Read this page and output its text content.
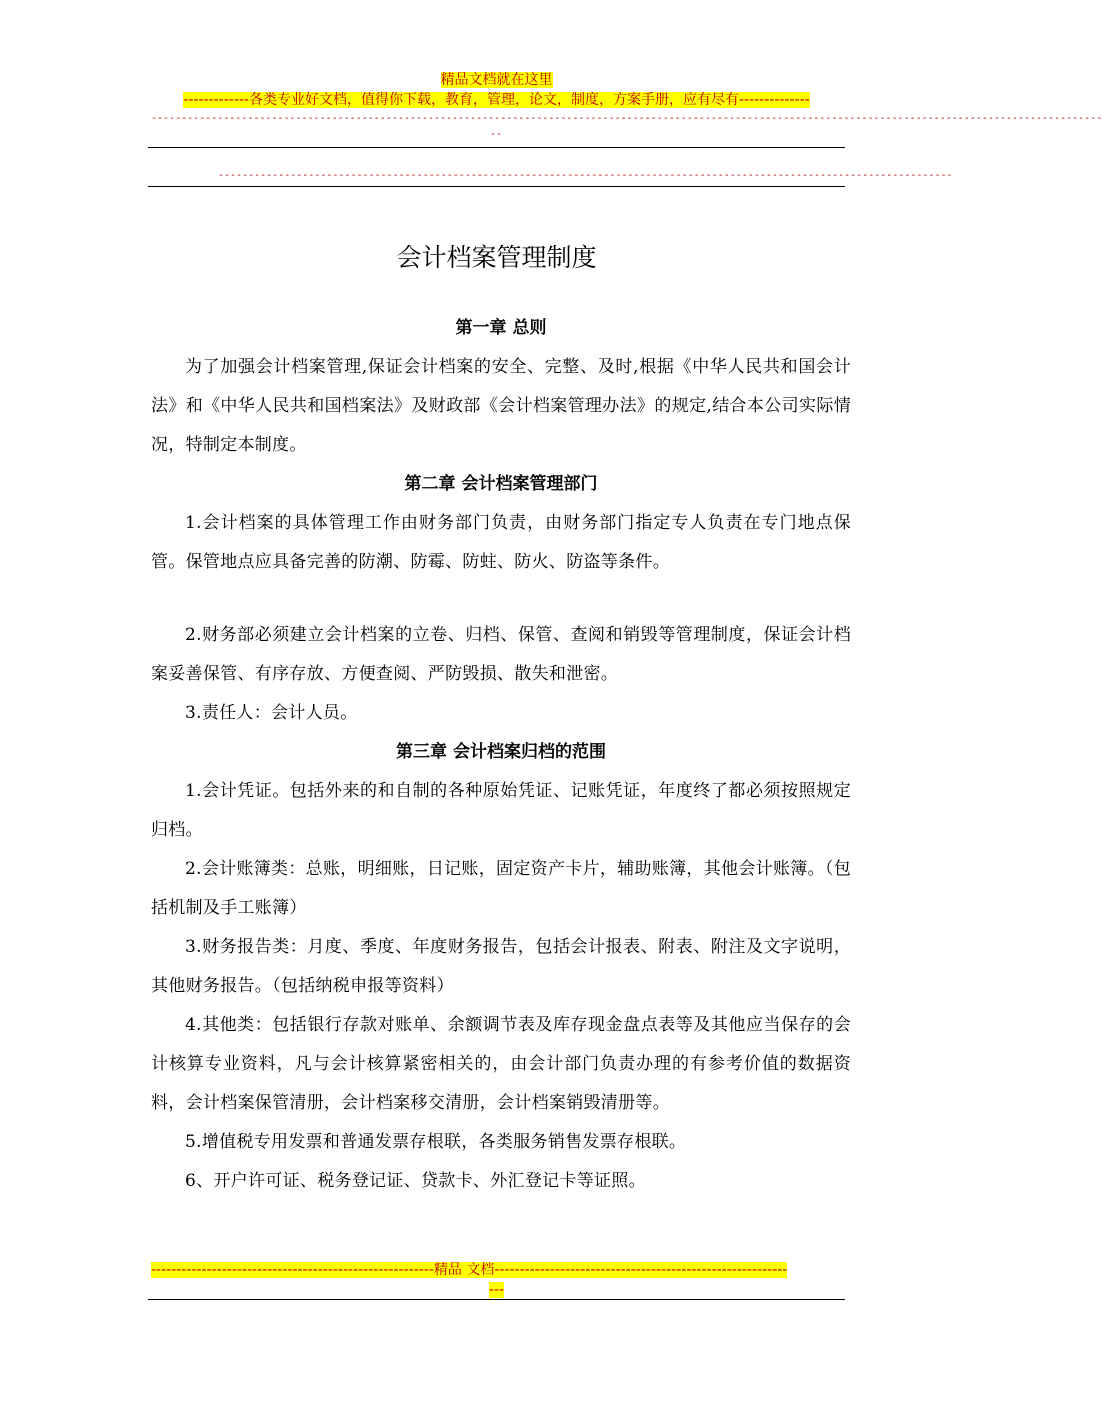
精品文档就在这里
-------------各类专业好文档，值得你下载，教育，管理，论文，制度，方案手册，应有尽有--------------
--------------------------------------------------------------------------------------------------------------------------------------------------------------
--
--------------------------------------------------------------------------------------------------------------------------
会计档案管理制度
第一章 总则

为了加强会计档案管理,保证会计档案的安全、完整、及时,根据《中华人民共和国会计法》和《中华人民共和国档案法》及财政部《会计档案管理办法》的规定,结合本公司实际情况，特制定本制度。

第二章 会计档案管理部门

1.会计档案的具体管理工作由财务部门负责，由财务部门指定专人负责在专门地点保管。保管地点应具备完善的防潮、防霉、防蛀、防火、防盗等条件。

2.财务部必须建立会计档案的立卷、归档、保管、查阅和销毁等管理制度，保证会计档案妥善保管、有序存放、方便查阅、严防毁损、散失和泄密。

3.责任人：会计人员。

第三章 会计档案归档的范围

1.会计凭证。包括外来的和自制的各种原始凭证、记账凭证，年度终了都必须按照规定归档。

2.会计账簿类：总账，明细账，日记账，固定资产卡片，辅助账簿，其他会计账簿。（包括机制及手工账簿）

3.财务报告类：月度、季度、年度财务报告，包括会计报表、附表、附注及文字说明，其他财务报告。（包括纳税申报等资料）

4.其他类：包括银行存款对账单、余额调节表及库存现金盘点表等及其他应当保存的会计核算专业资料，凡与会计核算紧密相关的，由会计部门负责办理的有参考价值的数据资料，会计档案保管清册，会计档案移交清册，会计档案销毁清册等。

5.增值税专用发票和普通发票存根联，各类服务销售发票存根联。

6、开户许可证、税务登记证、贷款卡、外汇登记卡等证照。

--------------------------------------------------------精品 文档----------------------------------------------------------
---
